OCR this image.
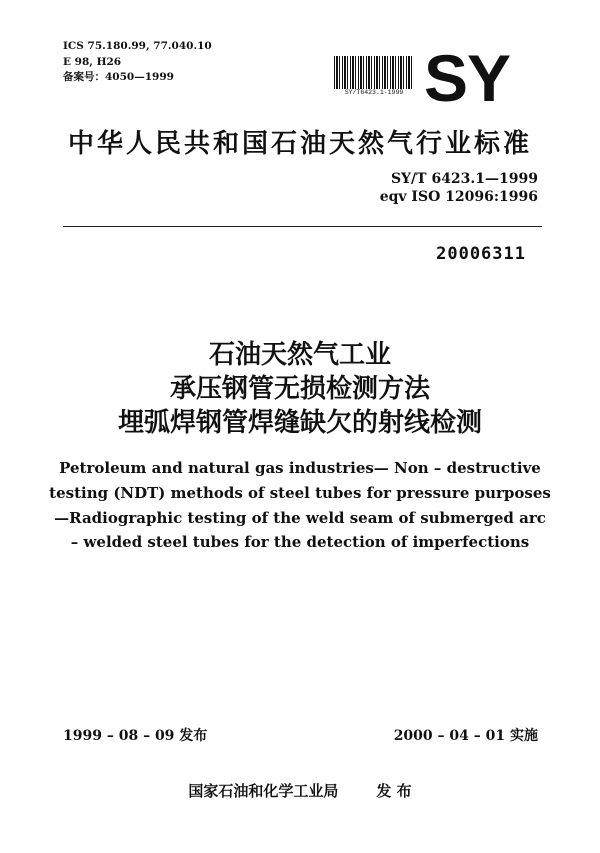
ICS 75.180.99, 77.040.10
E 98, H26
备案号：4050—1999
SY/T6423.1-1999 SY
中华人民共和国石油天然气行业标准
SY/T 6423.1—1999
eqv ISO 12096:1996
20006311
石油天然气工业
承压钢管无损检测方法
埋弧焊钢管焊缝缺欠的射线检测
Petroleum and natural gas industries— Non – destructive
testing (NDT) methods of steel tubes for pressure purposes
—Radiographic testing of the weld seam of submerged arc
– welded steel tubes for the detection of imperfections
1999 – 08 – 09 发布	2000 – 04 – 01 实施
国家石油和化学工业局	发 布
